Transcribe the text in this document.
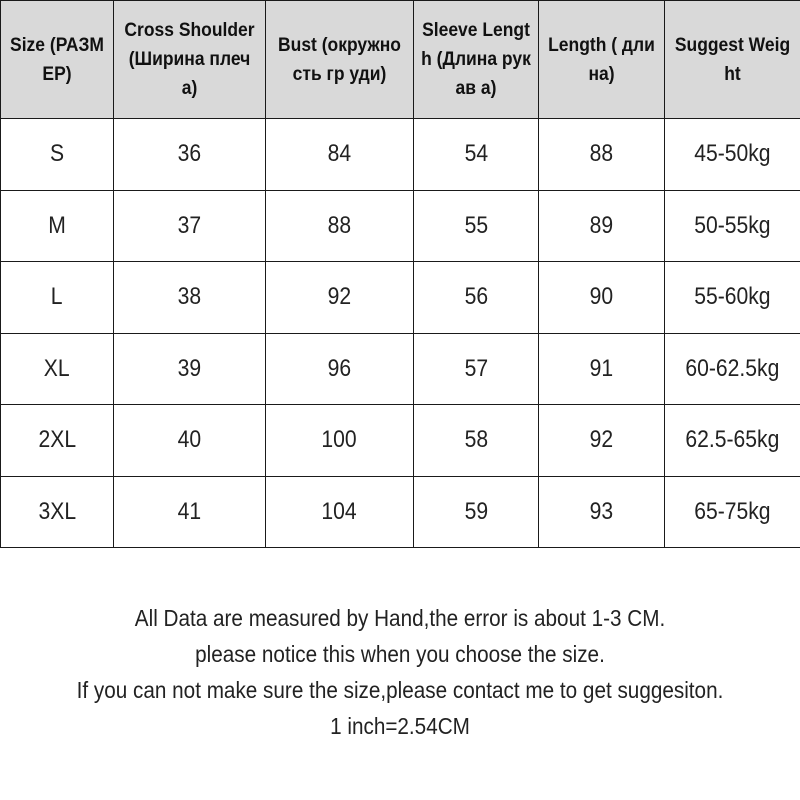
Size (РАЗМЕР)	Cross Shoulder (Ширина плеча)	Bust (окружность гр уди)	Sleeve Length (Длина рукав а)	Length ( длина)	Suggest Weight

S	36	84	54	88	45-50kg
M	37	88	55	89	50-55kg
L	38	92	56	90	55-60kg
XL	39	96	57	91	60-62.5kg
2XL	40	100	58	92	62.5-65kg
3XL	41	104	59	93	65-75kg
All Data are measured by Hand,the error is about 1-3 CM.
please notice this when you choose the size.
If you can not make sure the size,please contact me to get suggesiton.
1 inch=2.54CM
